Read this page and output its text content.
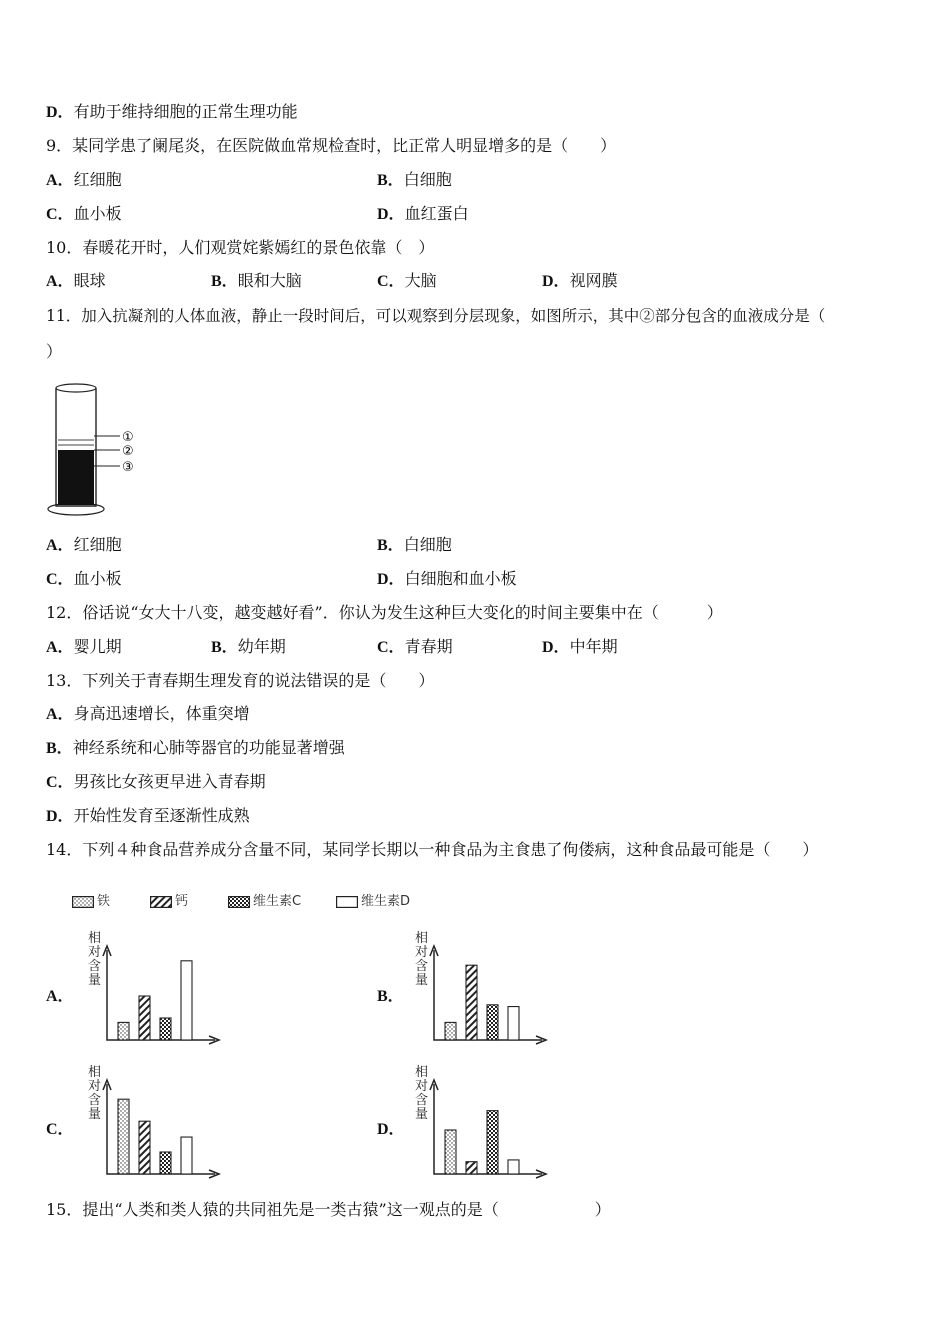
D．有助于维持细胞的正常生理功能
9．某同学患了阑尾炎，在医院做血常规检查时，比正常人明显增多的是（　　）
A．红细胞	B．白细胞
C．血小板	D．血红蛋白
10．春暖花开时，人们观赏姹紫嫣红的景色依靠（　）
A．眼球	B．眼和大脑	C．大脑	D．视网膜
11．加入抗凝剂的人体血液，静止一段时间后，可以观察到分层现象，如图所示，其中②部分包含的血液成分是（
）
①
②
③
A．红细胞	B．白细胞
C．血小板	D．白细胞和血小板
12．俗话说“女大十八变，越变越好看”．你认为发生这种巨大变化的时间主要集中在（　　　）
A．婴儿期	B．幼年期	C．青春期	D．中年期
13．下列关于青春期生理发育的说法错误的是（　　）
A．身高迅速增长，体重突增
B．神经系统和心肺等器官的功能显著增强
C．男孩比女孩更早进入青春期
D．开始性发育至逐渐性成熟
14．下列４种食品营养成分含量不同，某同学长期以一种食品为主食患了佝偻病，这种食品最可能是（　　）
铁	钙	维生素C	维生素D
A．
相对含量
B．
相对含量
C．
相对含量
D．
相对含量
15．提出“人类和类人猿的共同祖先是一类古猿”这一观点的是（　　　　　　）
